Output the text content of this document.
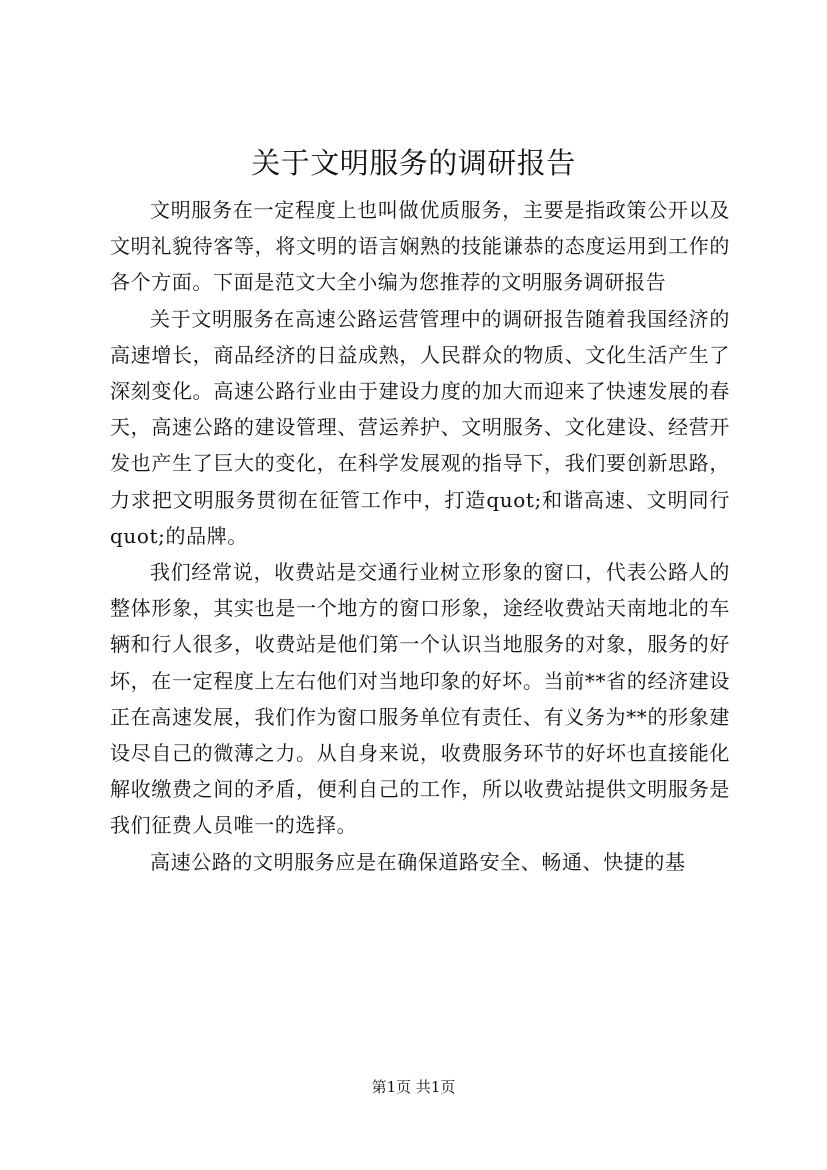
关于文明服务的调研报告

文明服务在一定程度上也叫做优质服务，主要是指政策公开以及文明礼貌待客等，将文明的语言娴熟的技能谦恭的态度运用到工作的各个方面。下面是范文大全小编为您推荐的文明服务调研报告

关于文明服务在高速公路运营管理中的调研报告随着我国经济的高速增长，商品经济的日益成熟，人民群众的物质、文化生活产生了深刻变化。高速公路行业由于建设力度的加大而迎来了快速发展的春天，高速公路的建设管理、营运养护、文明服务、文化建设、经营开发也产生了巨大的变化，在科学发展观的指导下，我们要创新思路，力求把文明服务贯彻在征管工作中，打造quot;和谐高速、文明同行quot;的品牌。

我们经常说，收费站是交通行业树立形象的窗口，代表公路人的整体形象，其实也是一个地方的窗口形象，途经收费站天南地北的车辆和行人很多，收费站是他们第一个认识当地服务的对象，服务的好坏，在一定程度上左右他们对当地印象的好坏。当前**省的经济建设正在高速发展，我们作为窗口服务单位有责任、有义务为**的形象建设尽自己的微薄之力。从自身来说，收费服务环节的好坏也直接能化解收缴费之间的矛盾，便利自己的工作，所以收费站提供文明服务是我们征费人员唯一的选择。

高速公路的文明服务应是在确保道路安全、畅通、快捷的基

第1页 共1页
